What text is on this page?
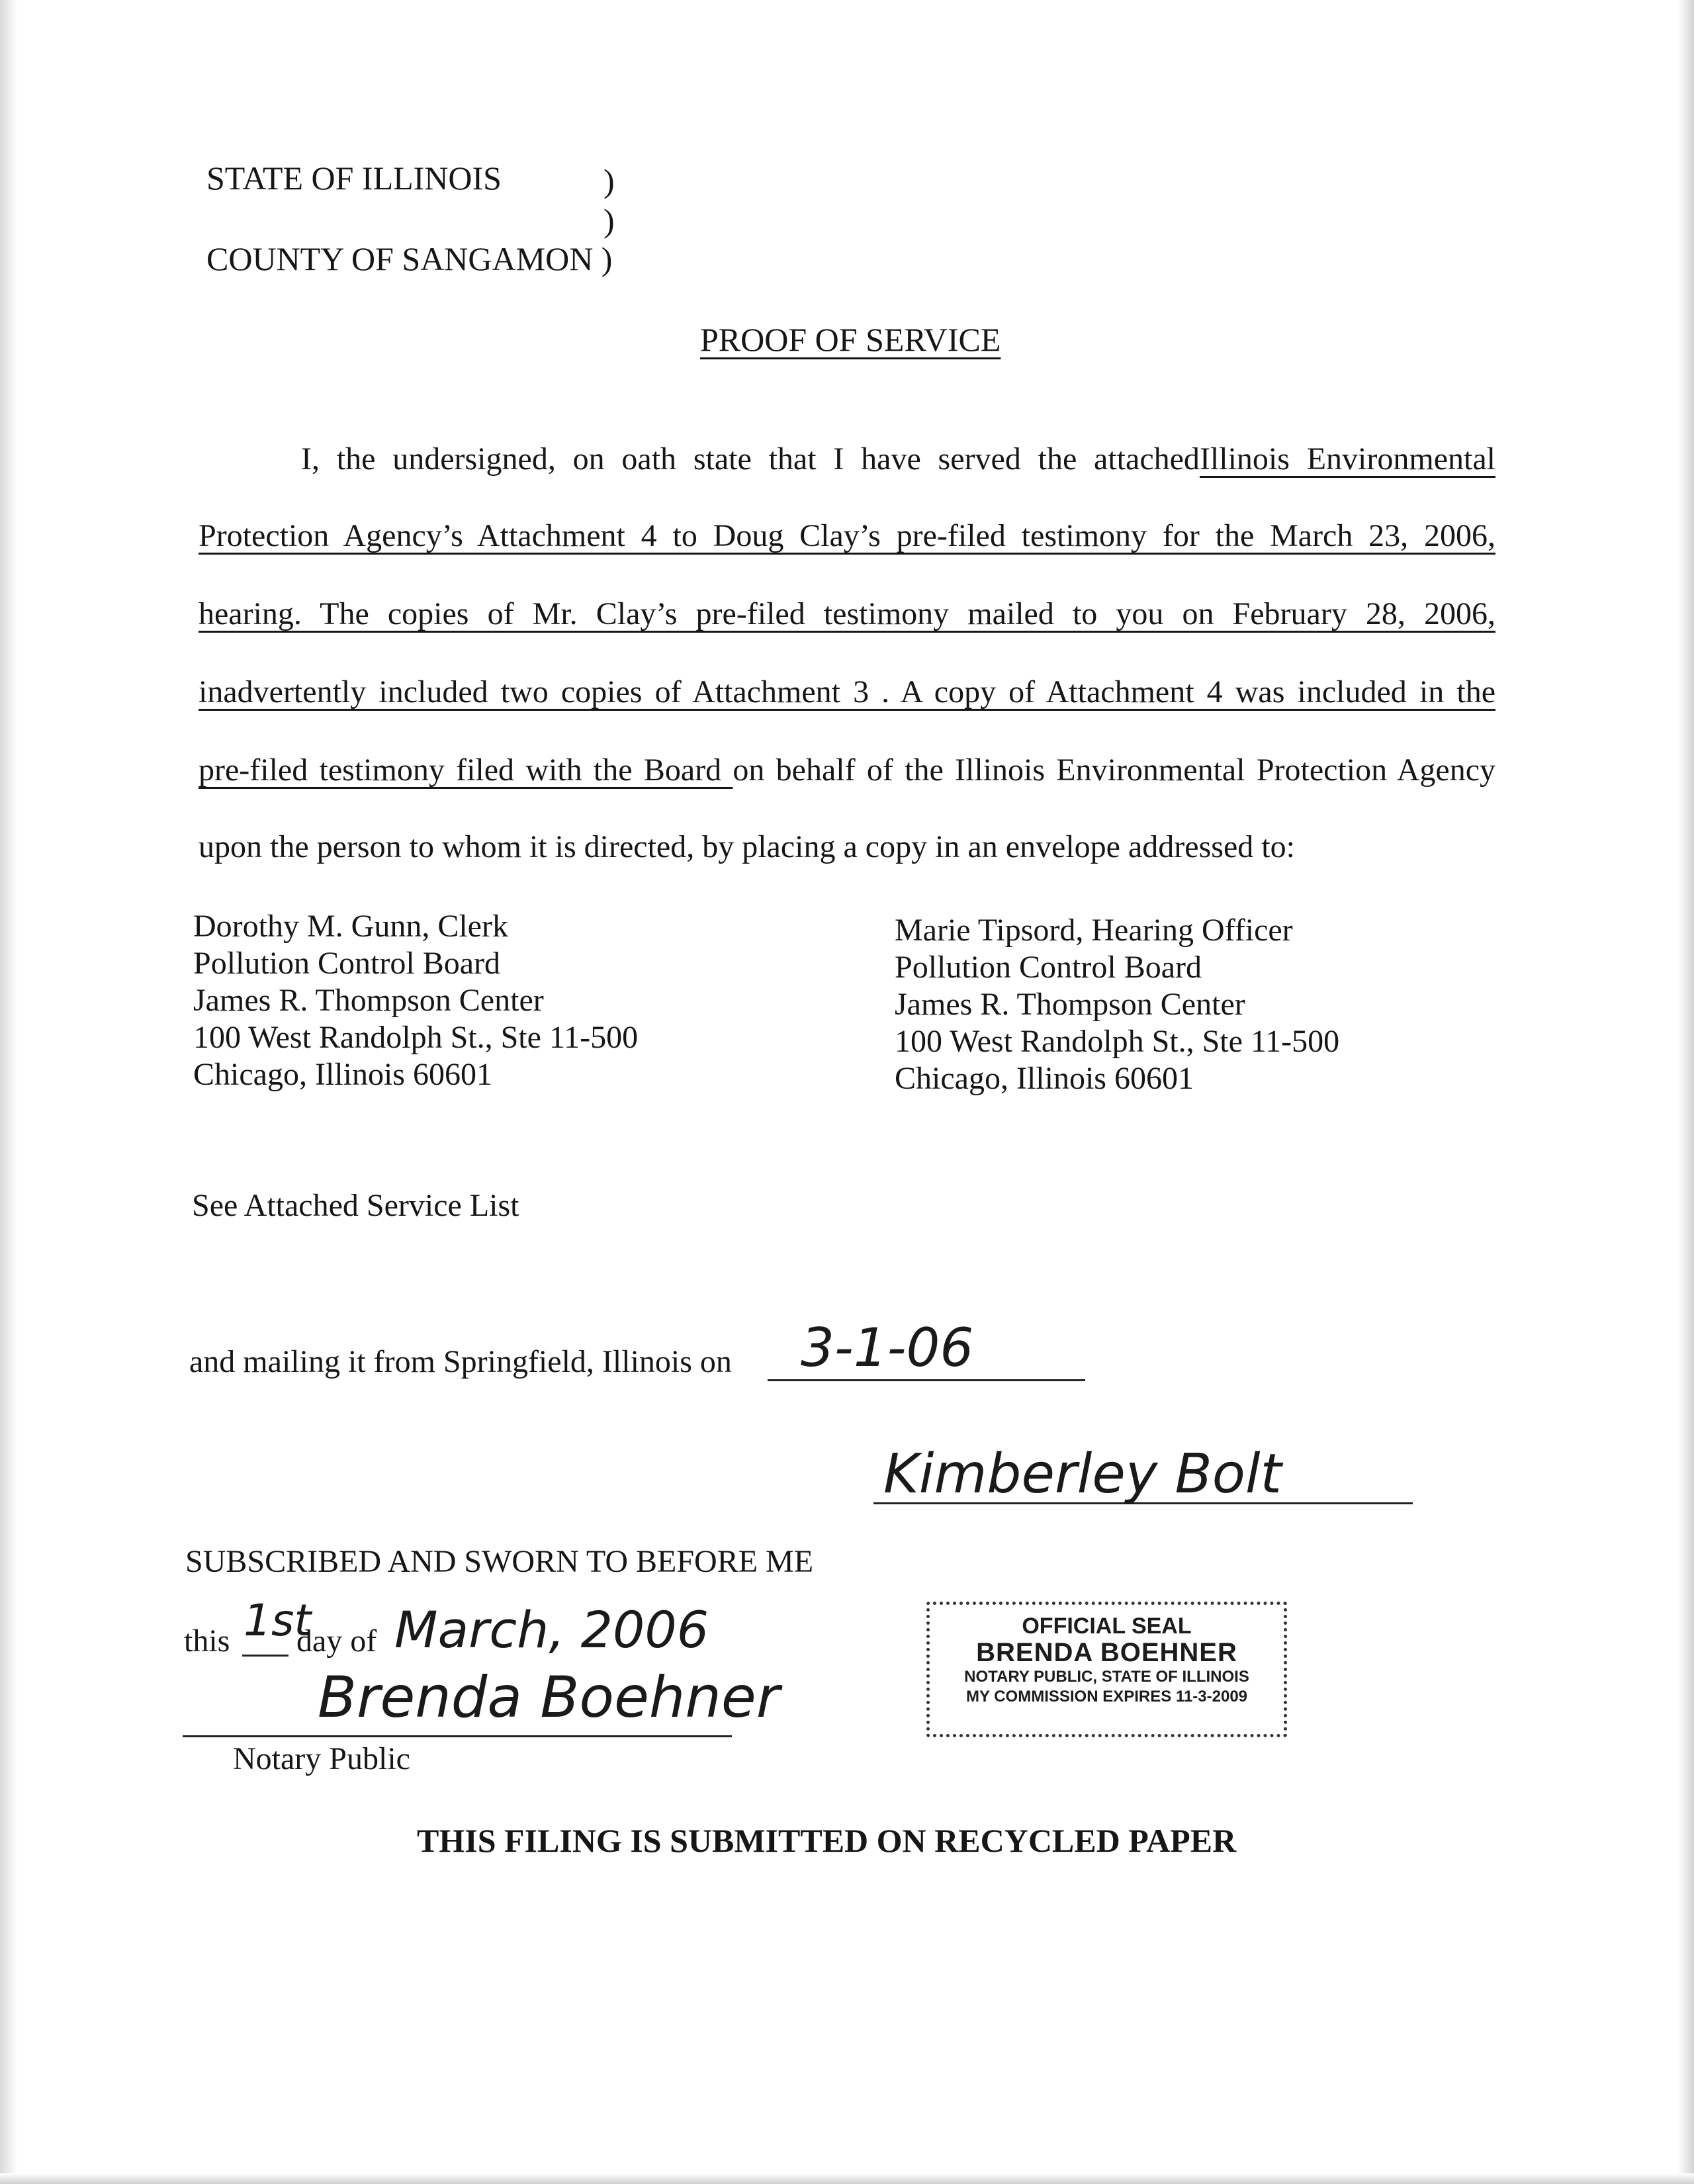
STATE OF ILLINOIS	)
)
COUNTY OF SANGAMON )
PROOF OF SERVICE
I, the undersigned, on oath state that I have served the attachedIllinois Environmental
Protection Agency’s Attachment 4 to Doug Clay’s pre-filed testimony for the March 23, 2006,
hearing. The copies of Mr. Clay’s pre-filed testimony mailed to you on February 28, 2006,
inadvertently included two copies of Attachment 3 . A copy of Attachment 4 was included in the
pre-filed testimony filed with the Board on behalf of the Illinois Environmental Protection Agency
upon the person to whom it is directed, by placing a copy in an envelope addressed to:
Dorothy M. Gunn, Clerk
Pollution Control Board
James R. Thompson Center
100 West Randolph St., Ste 11-500
Chicago, Illinois 60601
Marie Tipsord, Hearing Officer
Pollution Control Board
James R. Thompson Center
100 West Randolph St., Ste 11-500
Chicago, Illinois 60601
See Attached Service List
and mailing it from Springfield, Illinois on 3-1-06
Kimberley Bolt
SUBSCRIBED AND SWORN TO BEFORE ME
this 1st
day of March, 2006
Brenda Boehner
Notary Public
OFFICIAL SEAL
BRENDA BOEHNER
NOTARY PUBLIC, STATE OF ILLINOIS
MY COMMISSION EXPIRES 11-3-2009
THIS FILING IS SUBMITTED ON RECYCLED PAPER
